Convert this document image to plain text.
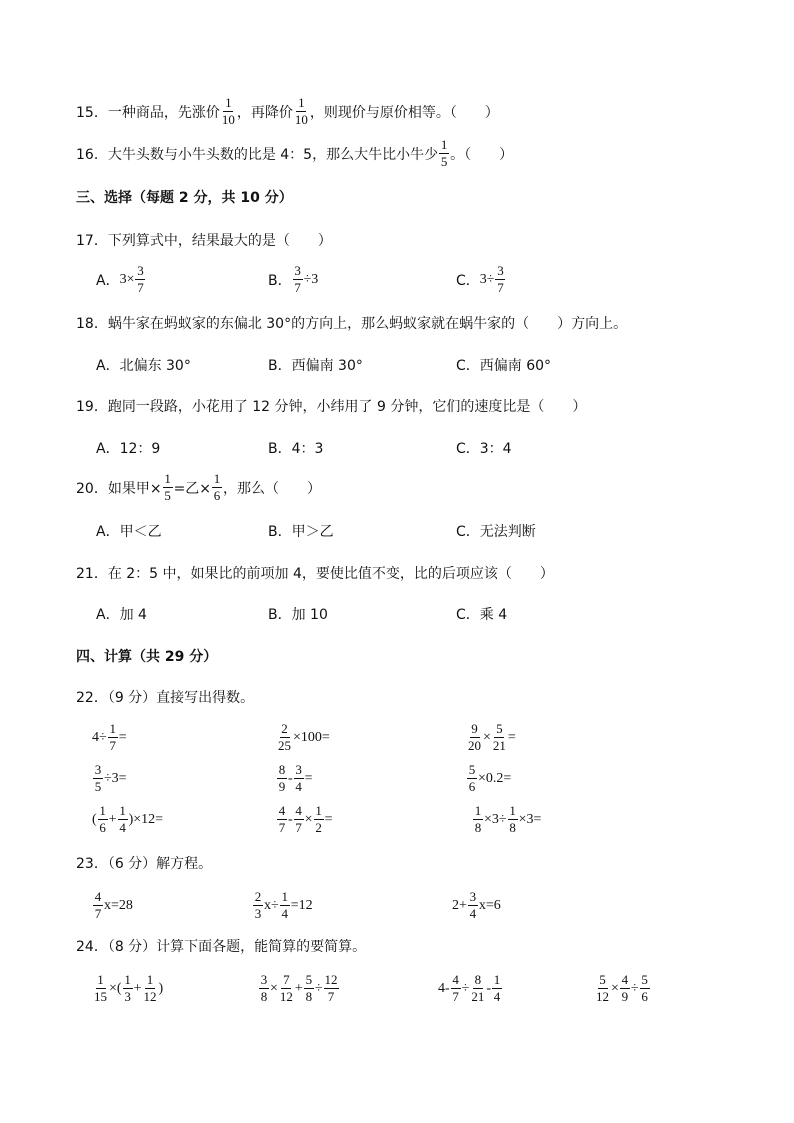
15． 一种商品，先涨价 $\frac{1}{10}$ ，再降价 $\frac{1}{10}$ ，则现价与原价相等。（　　）
16． 大牛头数与小牛头数的比是 4：5，那么大牛比小牛少 $\frac{1}{5}$ 。（　　）
三、选择（每题 2 分，共 10 分）
17．下列算式中，结果最大的是（　　）
A． $3\times \frac{3}{7}$	B． $\frac{3}{7} \div 3$	C． $3\div \frac{3}{7}$
18．蜗牛家在蚂蚁家的东偏北 30°的方向上，那么蚂蚁家就在蜗牛家的（　　）方向上。
A．北偏东 30°	B．西偏南 30°	C．西偏南 60°
19．跑同一段路，小花用了 12 分钟，小纬用了 9 分钟，它们的速度比是（　　）
A．12：9	B．4：3	C．3：4
20． 如果甲× $\frac{1}{5}$ =乙× $\frac{1}{6}$ ，那么（　　）
A．甲＜乙	B．甲＞乙	C．无法判断
21．在 2：5 中，如果比的前项加 4，要使比值不变，比的后项应该（　　）
A．加 4	B．加 10	C．乘 4
四、计算（共 29 分）
22．（9 分）直接写出得数。
$4\div \frac{1}{7}$ =	$\frac{2}{25} \times 100=$	$\frac{9}{20} \times \frac{5}{21}$ =
$\frac{3}{5} \div 3=$	$\frac{8}{9} - \frac{3}{4}$ =	$\frac{5}{6} \times 0.2=$
( $\frac{1}{6} + \frac{1}{4} )\times 12=$	$\frac{4}{7} - \frac{4}{7} \times \frac{1}{2}$ =	$\frac{1}{8} \times 3\div \frac{1}{8} \times 3=$
23．（6 分）解方程。
$\frac{4}{7} x=28$	$\frac{2}{3} x\div \frac{1}{4} =12$	$2+ \frac{3}{4} x=6$
24．（8 分）计算下面各题，能简算的要简算。
$\frac{1}{15}$ ×( $\frac{1}{3} + \frac{1}{12}$ )	$\frac{3}{8} \times \frac{7}{12} + \frac{5}{8} \div \frac{12}{7}$	$4- \frac{4}{7} \div \frac{8}{21} - \frac{1}{4}$	$\frac{5}{12} \times \frac{4}{9} \div \frac{5}{6}$
